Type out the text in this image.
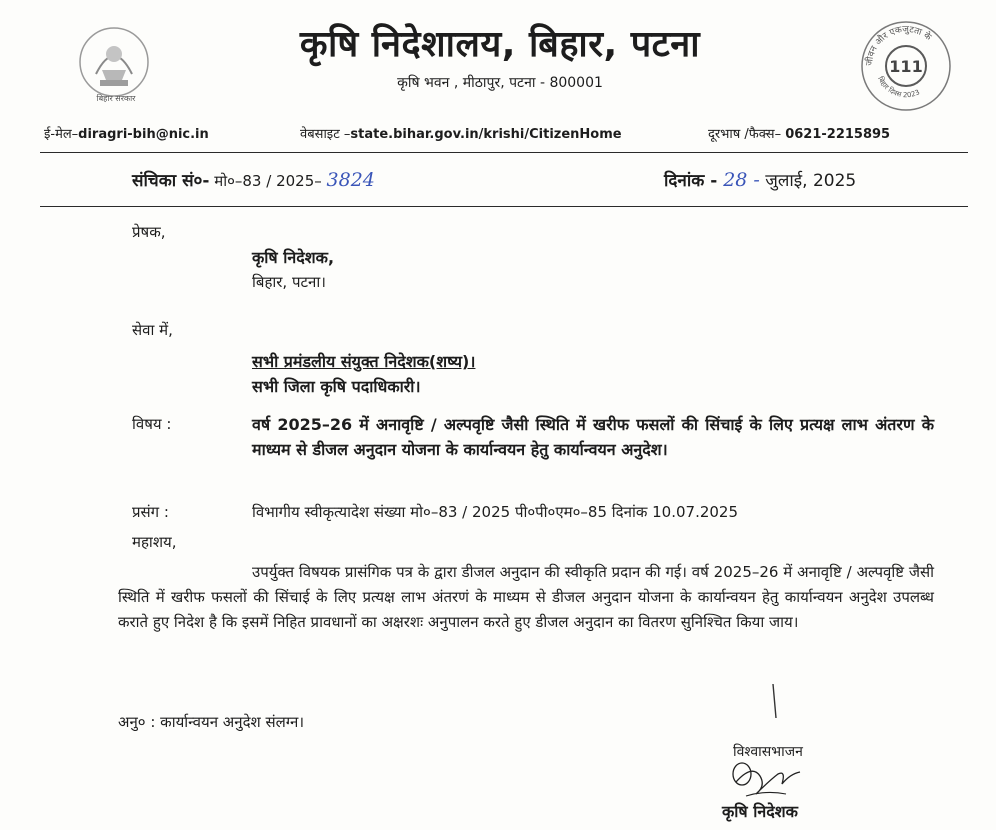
बिहार सरकार
कृषि निदेशालय, बिहार, पटना
कृषि भवन , मीठापुर, पटना - 800001
जीवन और एकजुटता के
बिहार दिवस 2023
111
ई-मेल–diragri-bih@nic.in	वेबसाइट –state.bihar.gov.in/krishi/CitizenHome	दूरभाष /फैक्स– 0621-2215895
संचिका सं०- मो०–83 / 2025– 3824	दिनांक - 28 - जुलाई, 2025
प्रेषक,
कृषि निदेशक,
बिहार, पटना।
सेवा में,
सभी प्रमंडलीय संयुक्त निदेशक(शष्य)।
सभी जिला कृषि पदाधिकारी।
विषय :	वर्ष 2025–26 में अनावृष्टि / अल्पवृष्टि जैसी स्थिति में खरीफ फसलों की सिंचाई के लिए प्रत्यक्ष लाभ अंतरण के माध्यम से डीजल अनुदान योजना के कार्यान्वयन हेतु कार्यान्वयन अनुदेश।
प्रसंग :	विभागीय स्वीकृत्यादेश संख्या मो०–83 / 2025 पी०पी०एम०–85 दिनांक 10.07.2025
महाशय,
उपर्युक्त विषयक प्रासंगिक पत्र के द्वारा डीजल अनुदान की स्वीकृति प्रदान की गई। वर्ष 2025–26 में अनावृष्टि / अल्पवृष्टि जैसी स्थिति में खरीफ फसलों की सिंचाई के लिए प्रत्यक्ष लाभ अंतरणं के माध्यम से डीजल अनुदान योजना के कार्यान्वयन हेतु कार्यान्वयन अनुदेश उपलब्ध कराते हुए निदेश है कि इसमें निहित प्रावधानों का अक्षरशः अनुपालन करते हुए डीजल अनुदान का वितरण सुनिश्चित किया जाय।
अनु० : कार्यान्वयन अनुदेश संलग्न।
विश्वासभाजन
कृषि निदेशक
